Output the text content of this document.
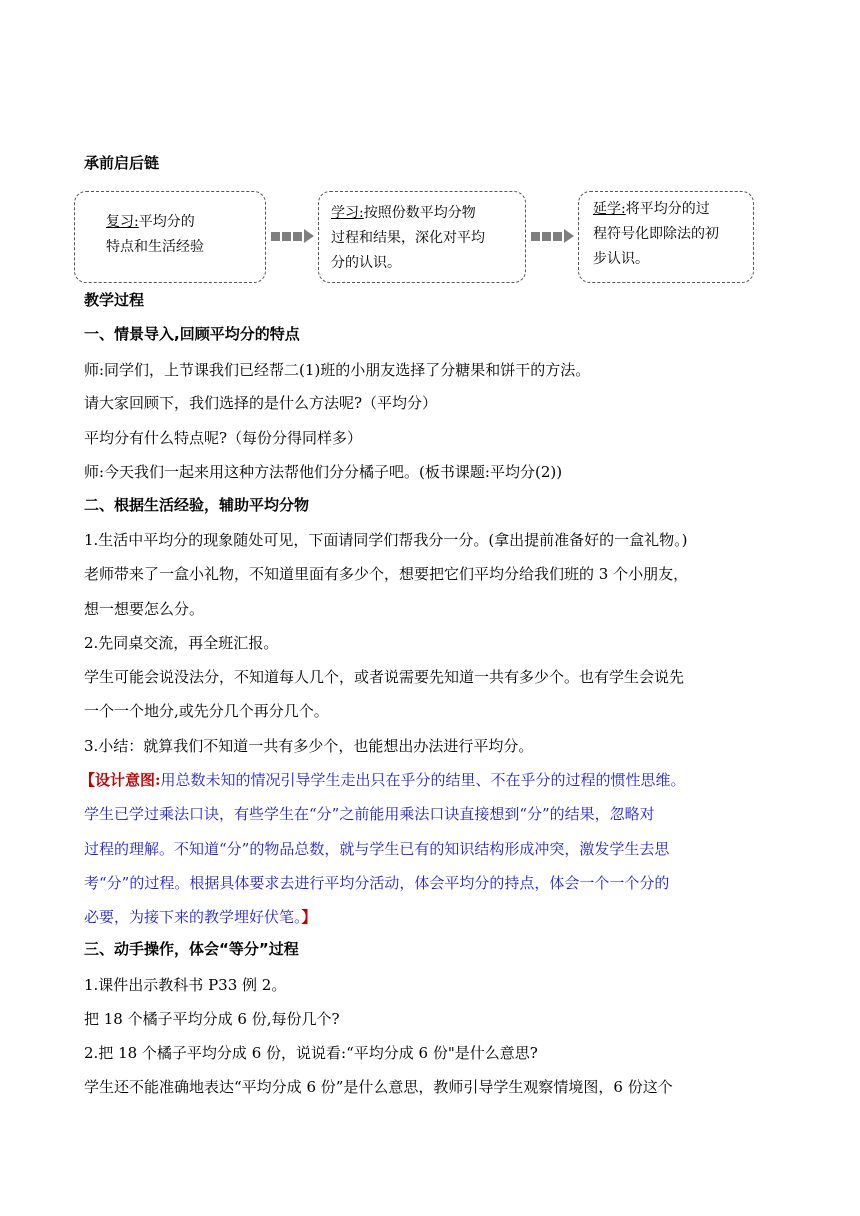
承前启后链
复习:平均分的
特点和生活经验
学习:按照份数平均分物
过程和结果，深化对平均
分的认识。
延学:将平均分的过
程符号化即除法的初
步认识。
教学过程
一、情景导入,回顾平均分的特点
师:同学们，上节课我们已经帮二(1)班的小朋友选择了分糖果和饼干的方法。
请大家回顾下，我们选择的是什么方法呢?（平均分）
平均分有什么特点呢?（每份分得同样多）
师:今天我们一起来用这种方法帮他们分分橘子吧。(板书课题:平均分(2))
二、根据生活经验，辅助平均分物
1.生活中平均分的现象随处可见，下面请同学们帮我分一分。(拿出提前准备好的一盒礼物。)
老师带来了一盒小礼物，不知道里面有多少个，想要把它们平均分给我们班的 3 个小朋友，
想一想要怎么分。
2.先同桌交流，再全班汇报。
学生可能会说没法分，不知道每人几个，或者说需要先知道一共有多少个。也有学生会说先
一个一个地分,或先分几个再分几个。
3.小结：就算我们不知道一共有多少个，也能想出办法进行平均分。
【设计意图:用总数未知的情况引导学生走出只在乎分的结里、不在乎分的过程的惯性思维。
学生已学过乘法口诀，有些学生在“分”之前能用乘法口诀直接想到“分”的结果，忽略对
过程的理解。不知道“分”的物品总数，就与学生已有的知识结构形成冲突，激发学生去思
考“分”的过程。根据具体要求去进行平均分活动，体会平均分的持点，体会一个一个分的
必要，为接下来的教学埋好伏笔。】
三、动手操作，体会“等分”过程
1.课件出示教科书 P33 例 2。
把 18 个橘子平均分成 6 份,每份几个?
2.把 18 个橘子平均分成 6 份，说说看:“平均分成 6 份"是什么意思?
学生还不能准确地表达“平均分成 6 份”是什么意思，教师引导学生观察情境图，6 份这个
